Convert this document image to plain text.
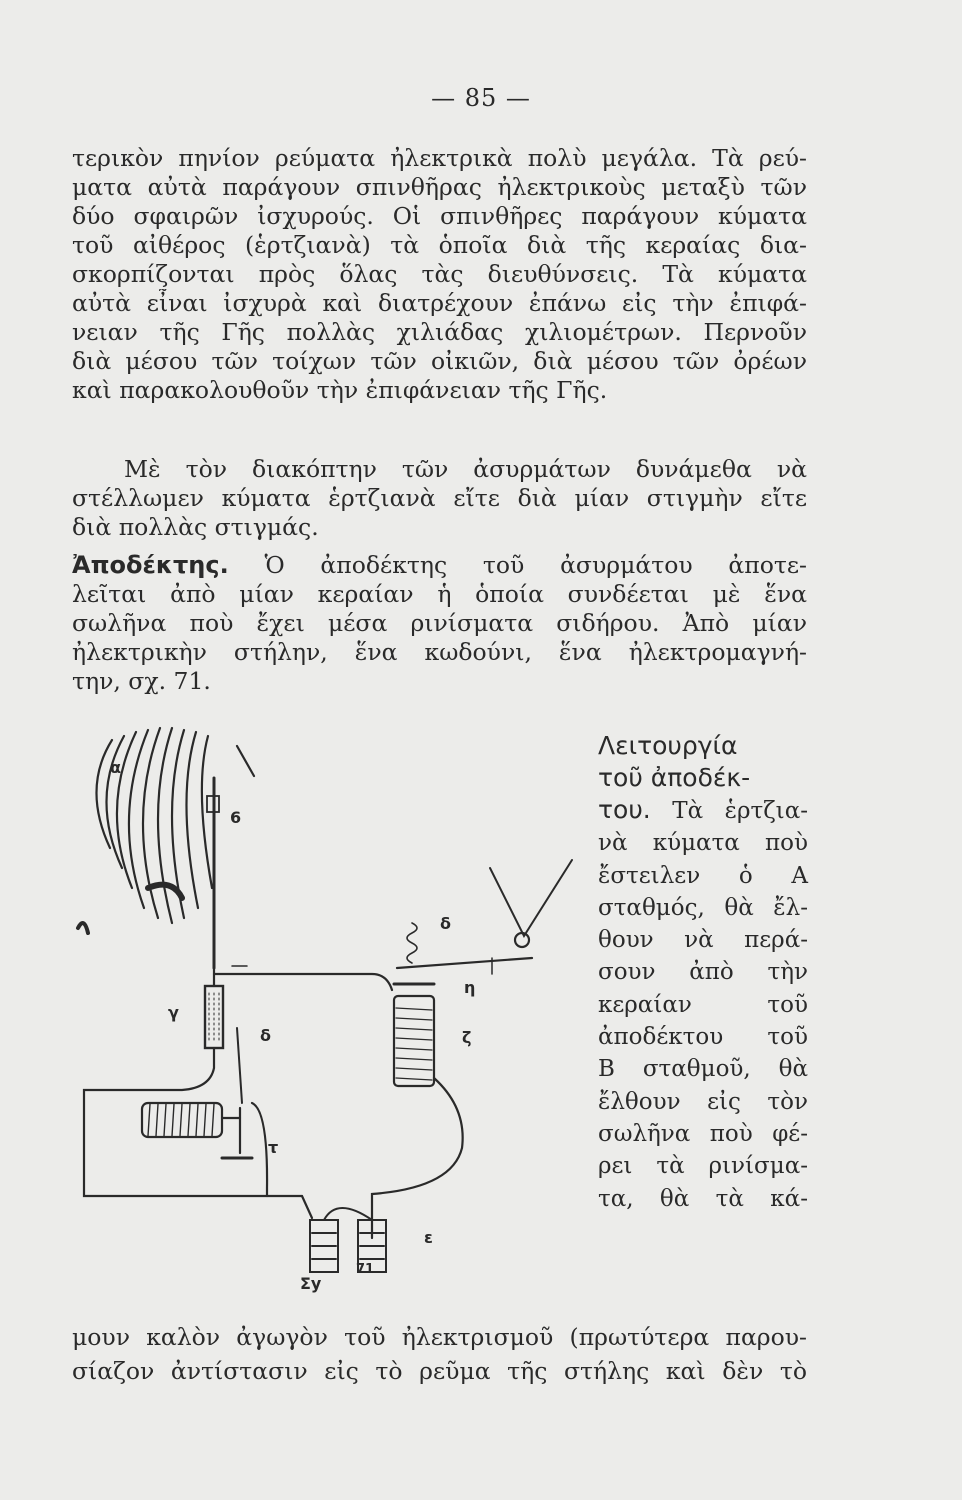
— 85 —
τερικὸν πηνίον ρεύματα ἠλεκτρικὰ πολὺ μεγάλα. Τὰ ρεύ-
ματα αὐτὰ παράγουν σπινθῆρας ἠλεκτρικοὺς μεταξὺ τῶν
δύο σφαιρῶν ἰσχυρούς. Οἱ σπινθῆρες παράγουν κύματα
τοῦ αἰθέρος (ἑρτζιανὰ) τὰ ὁποῖα διὰ τῆς κεραίας δια-
σκορπίζονται πρὸς ὅλας τὰς διευθύνσεις. Τὰ κύματα
αὐτὰ εἶναι ἰσχυρὰ καὶ διατρέχουν ἐπάνω εἰς τὴν ἐπιφά-
νειαν τῆς Γῆς πολλὰς χιλιάδας χιλιομέτρων. Περνοῦν
διὰ μέσου τῶν τοίχων τῶν οἰκιῶν, διὰ μέσου τῶν ὀρέων
καὶ παρακολουθοῦν τὴν ἐπιφάνειαν τῆς Γῆς.
Μὲ τὸν διακόπτην τῶν ἀσυρμάτων δυνάμεθα νὰ
στέλλωμεν κύματα ἑρτζιανὰ εἴτε διὰ μίαν στιγμὴν εἴτε
διὰ πολλὰς στιγμάς.
Ἀποδέκτης. Ὁ ἀποδέκτης τοῦ ἀσυρμάτου ἀποτε-
λεῖται ἀπὸ μίαν κεραίαν ἡ ὁποία συνδέεται μὲ ἕνα
σωλῆνα ποὺ ἔχει μέσα ρινίσματα σιδήρου. Ἀπὸ μίαν
ἠλεκτρικὴν στήλην, ἕνα κωδούνι, ἕνα ἠλεκτρομαγνή-
την, σχ. 71.
α
6
γ
δ
δ
ε
ζ
η
τ
Σy
71
Λειτουργία
τοῦ ἀποδέκ-
του. Τὰ ἑρτζια-
νὰ κύματα ποὺ
ἔστειλεν ὁ Α
σταθμός, θὰ ἔλ-
θουν νὰ περά-
σουν ἀπὸ τὴν
κεραίαν τοῦ
ἀποδέκτου τοῦ
Β σταθμοῦ, θὰ
ἔλθουν εἰς τὸν
σωλῆνα ποὺ φέ-
ρει τὰ ρινίσμα-
τα, θὰ τὰ κά-
μουν καλὸν ἀγωγὸν τοῦ ἠλεκτρισμοῦ (πρωτύτερα παρου-
σίαζον ἀντίστασιν εἰς τὸ ρεῦμα τῆς στήλης καὶ δὲν τὸ
